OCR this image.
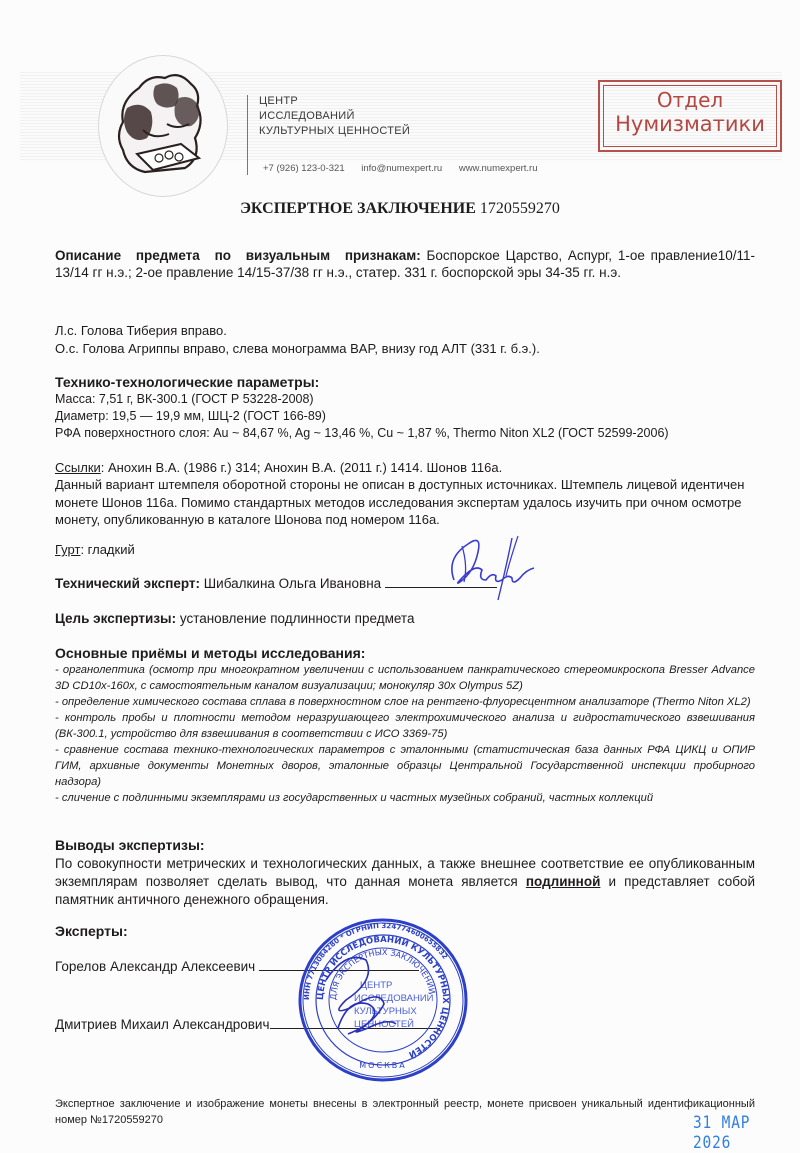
ЦЕНТР
ИССЛЕДОВАНИЙ
КУЛЬТУРНЫХ ЦЕННОСТЕЙ
+7 (926) 123-0-321 info@numexpert.ru www.numexpert.ru
Отдел
Нумизматики
ЭКСПЕРТНОЕ ЗАКЛЮЧЕНИЕ 1720559270
Описание предмета по визуальным признакам: Боспорское Царство, Аспург, 1-ое правление10/11-13/14 гг н.э.; 2-ое правление 14/15-37/38 гг н.э., статер. 331 г. боспорской эры 34-35 гг. н.э.
Л.с. Голова Тиберия вправо.
О.с. Голова Агриппы вправо, слева монограмма BAP, внизу год АЛТ (331 г. б.э.).
Технико-технологические параметры:
Масса: 7,51 г, ВК-300.1 (ГОСТ Р 53228-2008)
Диаметр: 19,5 — 19,9 мм, ШЦ-2 (ГОСТ 166-89)
РФА поверхностного слоя: Au ~ 84,67 %, Ag ~ 13,46 %, Cu ~ 1,87 %, Thermo Niton XL2 (ГОСТ 52599-2006)
Ссылки: Анохин В.А. (1986 г.) 314; Анохин В.А. (2011 г.) 1414. Шонов 116а.
Данный вариант штемпеля оборотной стороны не описан в доступных источниках. Штемпель лицевой идентичен монете Шонов 116а. Помимо стандартных методов исследования экспертам удалось изучить при очном осмотре монету, опубликованную в каталоге Шонова под номером 116а.
Гурт: гладкий
Технический эксперт: Шибалкина Ольга Ивановна
Цель экспертизы: установление подлинности предмета
Основные приёмы и методы исследования:
- органолептика (осмотр при многократном увеличении с использованием панкратического стереомикроскопа Bresser Advance 3D CD10x-160x, с самостоятельным каналом визуализации; монокуляр 30x Olympus 5Z)
- определение химического состава сплава в поверхностном слое на рентгено-флуоресцентном анализаторе (Thermo Niton XL2)
- контроль пробы и плотности методом неразрушающего электрохимического анализа и гидростатического взвешивания (ВК-300.1, устройство для взвешивания в соответствии с ИСО 3369-75)
- сравнение состава технико-технологических параметров с эталонными (статистическая база данных РФА ЦИКЦ и ОПИР ГИМ, архивные документы Монетных дворов, эталонные образцы Центральной Государственной инспекции пробирного надзора)
- сличение с подлинными экземплярами из государственных и частных музейных собраний, частных коллекций
Выводы экспертизы:
По совокупности метрических и технологических данных, а также внешнее соответствие ее опубликованным экземплярам позволяет сделать вывод, что данная монета является подлинной и представляет собой памятник античного денежного обращения.
Эксперты:
Горелов Александр Алексеевич
Дмитриев Михаил Александрович
ИНН 7713084280 * ОГРНИП 324774600655832
ЦЕНТР ИССЛЕДОВАНИЙ КУЛЬТУРНЫХ ЦЕННОСТЕЙ
ДЛЯ ЭКСПЕРТНЫХ ЗАКЛЮЧЕНИЙ
МОСКВА
ЦЕНТР
ИССЛЕДОВАНИЙ
КУЛЬТУРНЫХ
ЦЕННОСТЕЙ
Экспертное заключение и изображение монеты внесены в электронный реестр, монете присвоен уникальный идентификационный номер №1720559270	31 МАР 2026
